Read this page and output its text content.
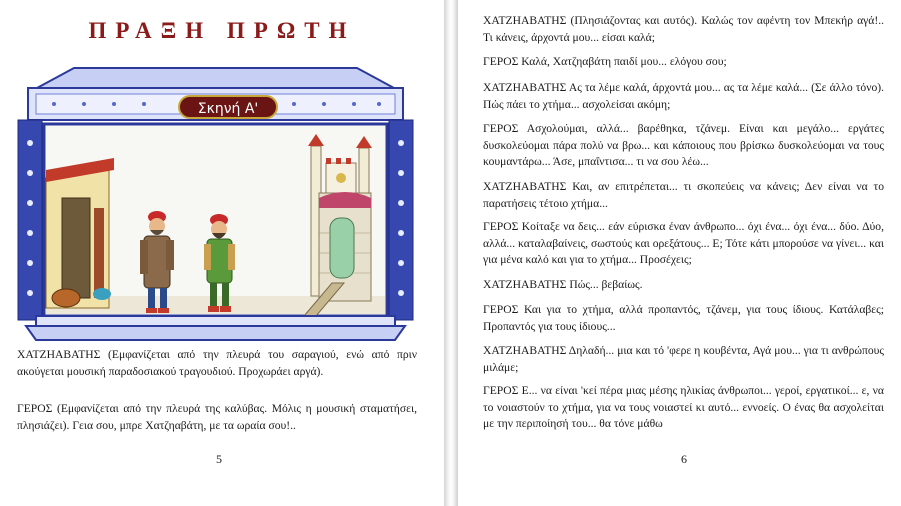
ΠΡΑΞΗ ΠΡΩΤΗ
Σκηνή Α'

ΧΑΤΖΗΑΒΑΤΗΣ (Εμφανίζεται από την πλευρά του σαραγιού, ενώ από πριν ακούγεται μουσική παραδοσιακού τραγουδιού. Προχωράει αργά).

ΓΕΡΟΣ (Εμφανίζεται από την πλευρά της καλύβας. Μόλις η μουσική σταματήσει, πλησιάζει). Γεια σου, μπρε Χατζηαβάτη, με τα ωραία σου!..

5

ΧΑΤΖΗΑΒΑΤΗΣ (Πλησιάζοντας και αυτός). Καλώς τον αφέντη τον Μπεκήρ αγά!.. Τι κάνεις, άρχοντά μου... είσαι καλά;

ΓΕΡΟΣ Καλά, Χατζηαβάτη παιδί μου... ελόγου σου;

ΧΑΤΖΗΑΒΑΤΗΣ Ας τα λέμε καλά, άρχοντά μου... ας τα λέμε καλά... (Σε άλλο τόνο). Πώς πάει το χτήμα... ασχολείσαι ακόμη;

ΓΕΡΟΣ Ασχολούμαι, αλλά... βαρέθηκα, τζάνεμ. Είναι και μεγάλο... εργάτες δυσκολεύομαι πάρα πολύ να βρω... και κάποιους που βρίσκω δυσκολεύομαι να τους κουμαντάρω... Άσε, μπαΐντισα... τι να σου λέω...

ΧΑΤΖΗΑΒΑΤΗΣ Και, αν επιτρέπεται... τι σκοπεύεις να κάνεις; Δεν είναι να το παρατήσεις τέτοιο χτήμα...

ΓΕΡΟΣ Κοίταξε να δεις... εάν εύρισκα έναν άνθρωπο... όχι ένα... όχι ένα... δύο. Δύο, αλλά... καταλαβαίνεις, σωστούς και ορεξάτους... Ε; Τότε κάτι μπορούσε να γίνει... και για μένα καλό και για το χτήμα... Προσέχεις;

ΧΑΤΖΗΑΒΑΤΗΣ Πώς... βεβαίως.

ΓΕΡΟΣ Και για το χτήμα, αλλά προπαντός, τζάνεμ, για τους ίδιους. Κατάλαβες; Προπαντός για τους ίδιους...

ΧΑΤΖΗΑΒΑΤΗΣ Δηλαδή... μια και τό 'φερε η κουβέντα, Αγά μου... για τι ανθρώπους μιλάμε;

ΓΕΡΟΣ Ε... να είναι 'κεί πέρα μιας μέσης ηλικίας άνθρωποι... γεροί, εργατικοί... ε, να το νοιαστούν το χτήμα, για να τους νοιαστεί κι αυτό... εννοείς. Ο ένας θα ασχολείται με την περιποίησή του... θα τόνε μάθω

6
